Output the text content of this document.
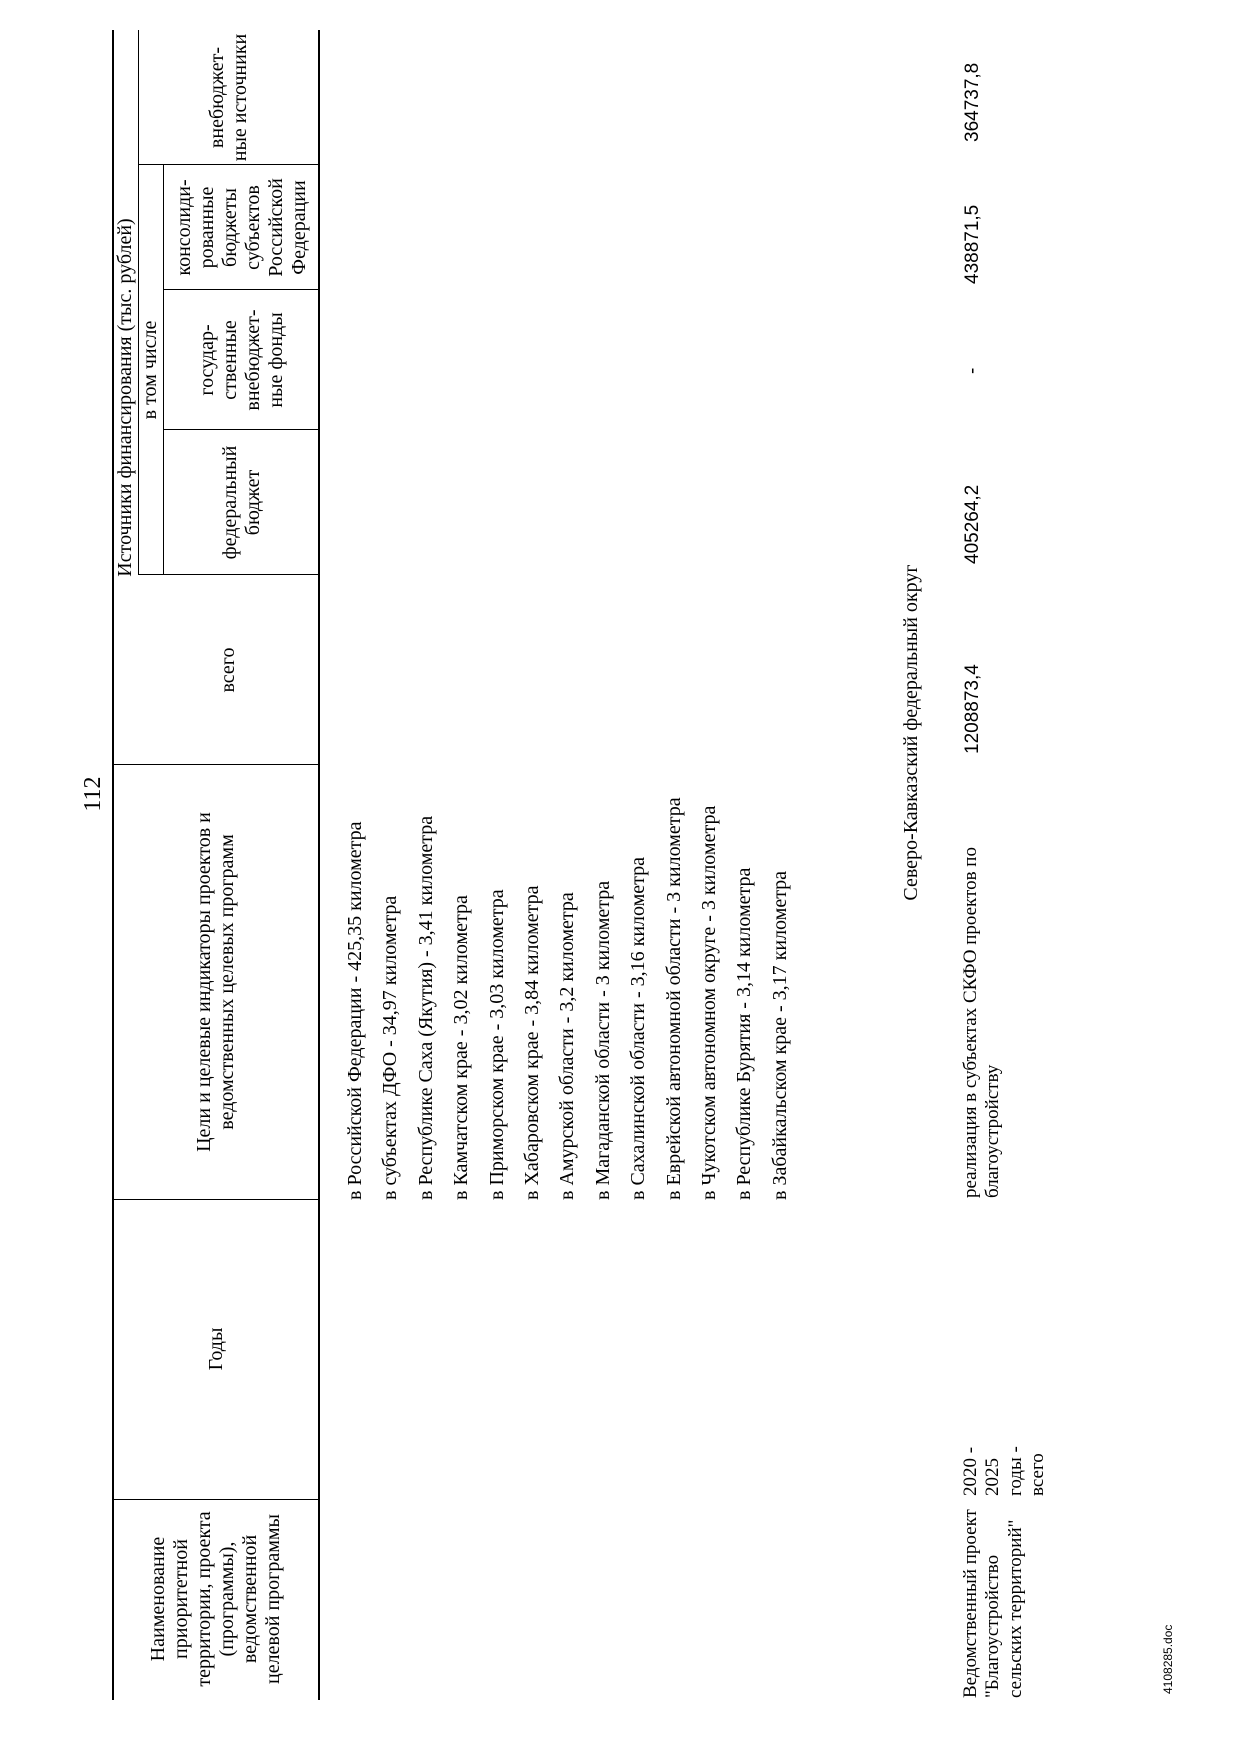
112
Наименование приоритетной территории, проекта (программы), ведомственной целевой программы
Годы
Цели и целевые индикаторы проектов и ведомственных целевых программ
Источники финансирования (тыс. рублей)
всего
в том числе
федеральный бюджет
государ- ственные внебюджет- ные фонды
консолиди- рованные бюджеты субъектов Российской Федерации
внебюджет- ные источники
в Российской Федерации - 425,35 километра в субъектах ДФО - 34,97 километра в Республике Саха (Якутия) - 3,41 километра в Камчатском крае - 3,02 километра в Приморском крае - 3,03 километра в Хабаровском крае - 3,84 километра в Амурской области - 3,2 километра в Магаданской области - 3 километра в Сахалинской области - 3,16 километра в Еврейской автономной области - 3 километра в Чукотском автономном округе - 3 километра в Республике Бурятия - 3,14 километра в Забайкальском крае - 3,17 километра
Северо-Кавказский федеральный округ
Ведомственный проект "Благоустройство сельских территорий"
2020 - 2025 годы - всего
реализация в субъектах СКФО проектов по благоустройству
1208873,4
405264,2
-
438871,5
364737,8
4108285.doc
